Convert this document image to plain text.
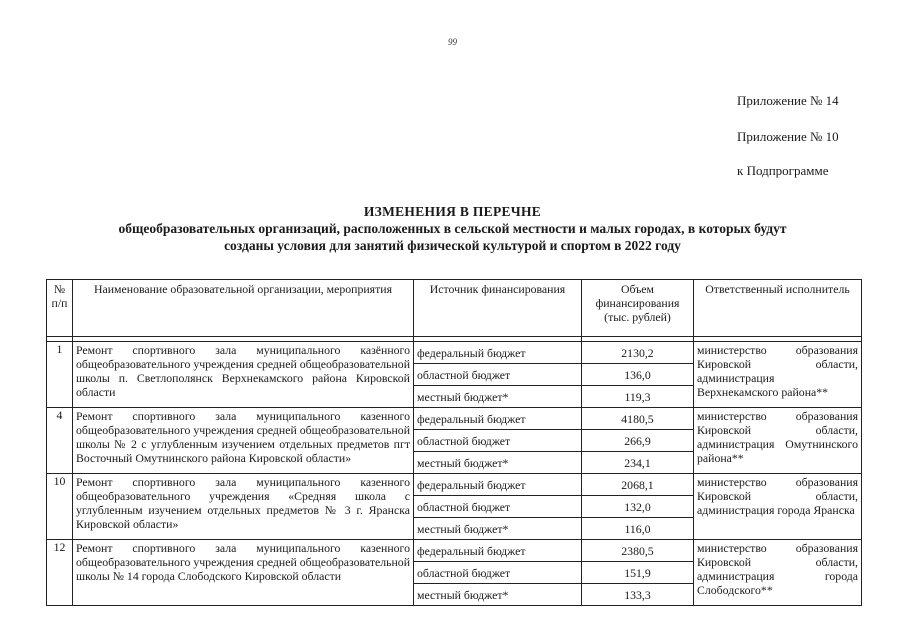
99
Приложение № 14
Приложение № 10
к Подпрограмме
ИЗМЕНЕНИЯ В ПЕРЕЧНЕ
общеобразовательных организаций, расположенных в сельской местности и малых городах, в которых будут
созданы условия для занятий физической культурой и спортом в 2022 году
№ п/п	Наименование образовательной организации, мероприятия	Источник финансирования	Объем финансирования (тыс. рублей)	Ответственный исполнитель

1	Ремонт спортивного зала муниципального казённого общеобразовательного учреждения средней общеобразовательной школы п. Светлополянск Верхнекамского района Кировской области	федеральный бюджет	2130,2	министерство образования Кировской области, администрация Верхнекамского района**
		областной бюджет	136,0	
		местный бюджет*	119,3	
4	Ремонт спортивного зала муниципального казенного общеобразовательного учреждения средней общеобразовательной школы № 2 с углубленным изучением отдельных предметов пгт Восточный Омутнинского района Кировской области»	федеральный бюджет	4180,5	министерство образования Кировской области, администрация Омутнинского района**
		областной бюджет	266,9	
		местный бюджет*	234,1	
10	Ремонт спортивного зала муниципального казенного общеобразовательного учреждения «Средняя школа с углубленным изучением отдельных предметов № 3 г. Яранска Кировской области»	федеральный бюджет	2068,1	министерство образования Кировской области, администрация города Яранска
		областной бюджет	132,0	
		местный бюджет*	116,0	
12	Ремонт спортивного зала муниципального казенного общеобразовательного учреждения средней общеобразовательной школы № 14 города Слободского Кировской области	федеральный бюджет	2380,5	министерство образования Кировской области, администрация города Слободского**
		областной бюджет	151,9	
		местный бюджет*	133,3	
